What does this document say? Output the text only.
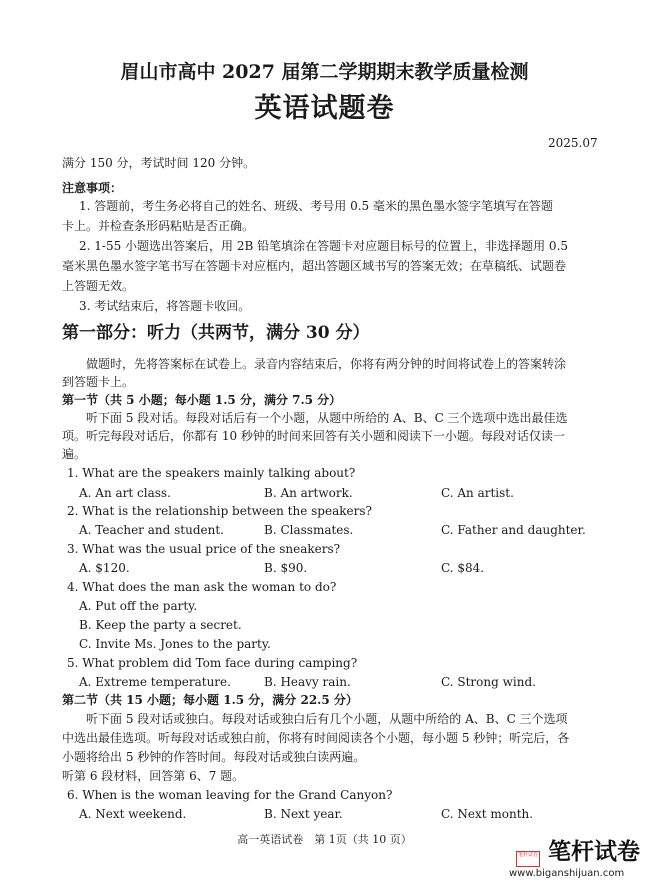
眉山市高中 2027 届第二学期期末教学质量检测
英语试题卷
2025.07
满分 150 分，考试时间 120 分钟。
注意事项：
1. 答题前，考生务必将自己的姓名、班级、考号用 0.5 毫米的黑色墨水签字笔填写在答题
卡上。并检查条形码粘贴是否正确。
2. 1-55 小题选出答案后，用 2B 铅笔填涂在答题卡对应题目标号的位置上，非选择题用 0.5
毫米黑色墨水签字笔书写在答题卡对应框内，超出答题区域书写的答案无效；在草稿纸、试题卷
上答题无效。
3. 考试结束后，将答题卡收回。
第一部分：听力（共两节，满分 30 分）
做题时，先将答案标在试卷上。录音内容结束后，你将有两分钟的时间将试卷上的答案转涂
到答题卡上。
第一节（共 5 小题；每小题 1.5 分，满分 7.5 分）
听下面 5 段对话。每段对话后有一个小题，从题中所给的 A、B、C 三个选项中选出最佳选
项。听完每段对话后，你都有 10 秒钟的时间来回答有关小题和阅读下一小题。每段对话仅读一
遍。
1. What are the speakers mainly talking about?
A. An art class.	B. An artwork.	C. An artist.
2. What is the relationship between the speakers?
A. Teacher and student.	B. Classmates.	C. Father and daughter.
3. What was the usual price of the sneakers?
A. $120.	B. $90.	C. $84.
4. What does the man ask the woman to do?
A. Put off the party.
B. Keep the party a secret.
C. Invite Ms. Jones to the party.
5. What problem did Tom face during camping?
A. Extreme temperature.	B. Heavy rain.	C. Strong wind.
第二节（共 15 小题；每小题 1.5 分，满分 22.5 分）
听下面 5 段对话或独白。每段对话或独白后有几个小题，从题中所给的 A、B、C 三个选项
中选出最佳选项。听每段对话或独白前，你将有时间阅读各个小题，每小题 5 秒钟；听完后，各
小题将给出 5 秒钟的作答时间。每段对话或独白读两遍。
听第 6 段材料，回答第 6、7 题。
6. When is the woman leaving for the Grand Canyon?
A. Next weekend.	B. Next year.	C. Next month.
高一英语试卷　第 1页（共 10 页）
笔杆试卷 笔杆试卷
www.biganshijuan.com
